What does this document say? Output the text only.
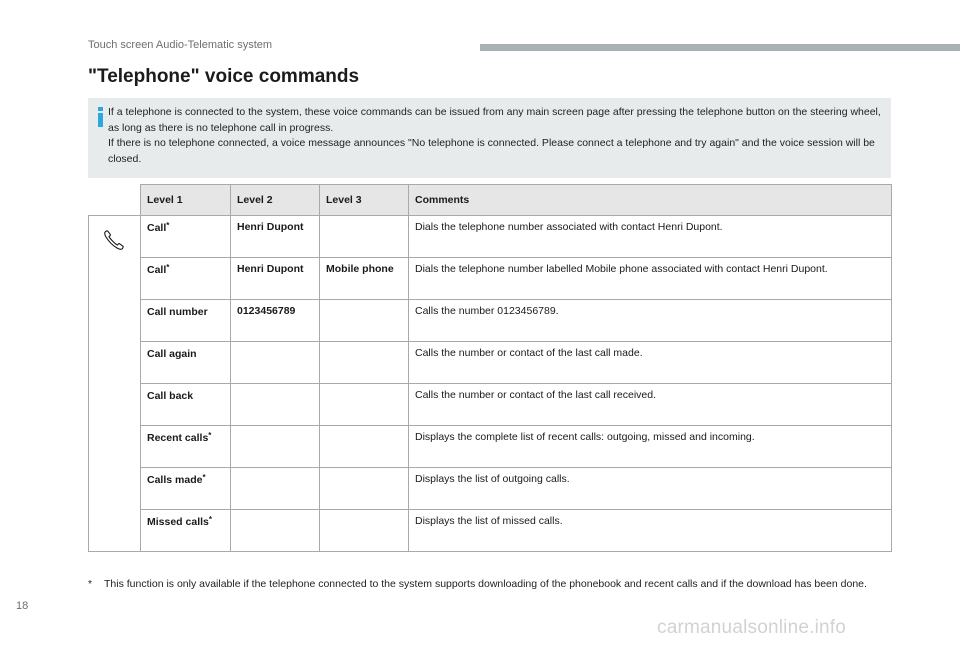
Touch screen Audio-Telematic system
"Telephone" voice commands

If a telephone is connected to the system, these voice commands can be issued from any main screen page after pressing the telephone button on the steering wheel, as long as there is no telephone call in progress.

If there is no telephone connected, a voice message announces "No telephone is connected. Please connect a telephone and try again" and the voice session will be closed.

	Level 1	Level 2	Level 3	Comments

	Call*	Henri Dupont		Dials the telephone number associated with contact Henri Dupont.
	Call*	Henri Dupont	Mobile phone	Dials the telephone number labelled Mobile phone associated with contact Henri Dupont.
	Call number	0123456789		Calls the number 0123456789.
	Call again			Calls the number or contact of the last call made.
	Call back			Calls the number or contact of the last call received.
	Recent calls*			Displays the complete list of recent calls: outgoing, missed and incoming.
	Calls made*			Displays the list of outgoing calls.
	Missed calls*			Displays the list of missed calls.
*	This function is only available if the telephone connected to the system supports downloading of the phonebook and recent calls and if the download has been done.
18
carmanualsonline.info
